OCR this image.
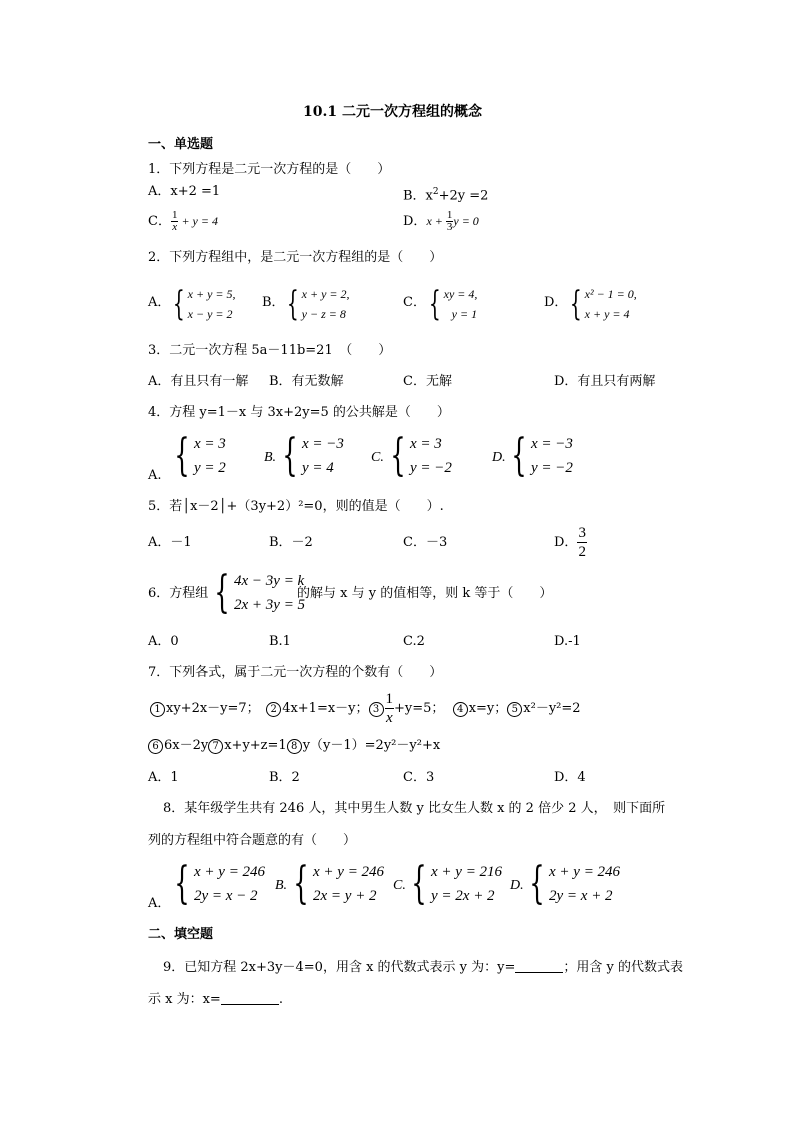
10.1 二元一次方程组的概念
一、单选题
1．下列方程是二元一次方程的是（　　）
A．x+2 =1	B．$x^2+2y =2$
C． $\frac{1}{x} + y = 4$	D．$x + \frac{1}{3}$ y = 0
2．下列方程组中，是二元一次方程组的是（　　）
A． { x + y = 5,
x − y = 2
B． { x + y = 2,
y − z = 8
C． { xy = 4,
y = 1
D． { x² − 1 = 0,
x + y = 4
3．二元一次方程 5a－11b=21　（　　）
A．有且只有一解 B．有无数解	C．无解	D．有且只有两解
4．方程 y=1－x 与 3x+2y=5 的公共解是（　　）
A. { x = 3
y = 2
B. { x = −3
y = 4
C. { x = 3
y = −2
D. { x = −3
y = −2
5．若│x－2│+（3y+2）²=0，则的值是（　　）.
A．－1	B．－2	C．－3	D． $\frac{3}{2}$
6．方程组 { 4x − 3y = k
2x + 3y = 5
的解与 x 与 y 的值相等，则 k 等于（　　）
A．0	B.1	C.2	D.-1
7．下列各式，属于二元一次方程的个数有（　　）
1 xy+2x－y=7；　2 4x+1=x－y； $3 \frac{1}{x} +y=5$； 4 x=y； 5 x²－y²=2
6 6x－2y 7 x+y+z=1 8 y（y－1）=2y²－y²+x
A．1	B．2	C．3	D．4
8．某年级学生共有 246 人，其中男生人数 y 比女生人数 x 的 2 倍少 2 人，　则下面所
列的方程组中符合题意的有（　　）
A． { x + y = 246
2y = x − 2
B. { x + y = 246
2x = y + 2
C. { x + y = 216
y = 2x + 2
D. { x + y = 246
2y = x + 2
二、填空题
9．已知方程 2x+3y－4=0，用含 x 的代数式表示 y 为：y=	；用含 y 的代数式表
示 x 为：x=	.
